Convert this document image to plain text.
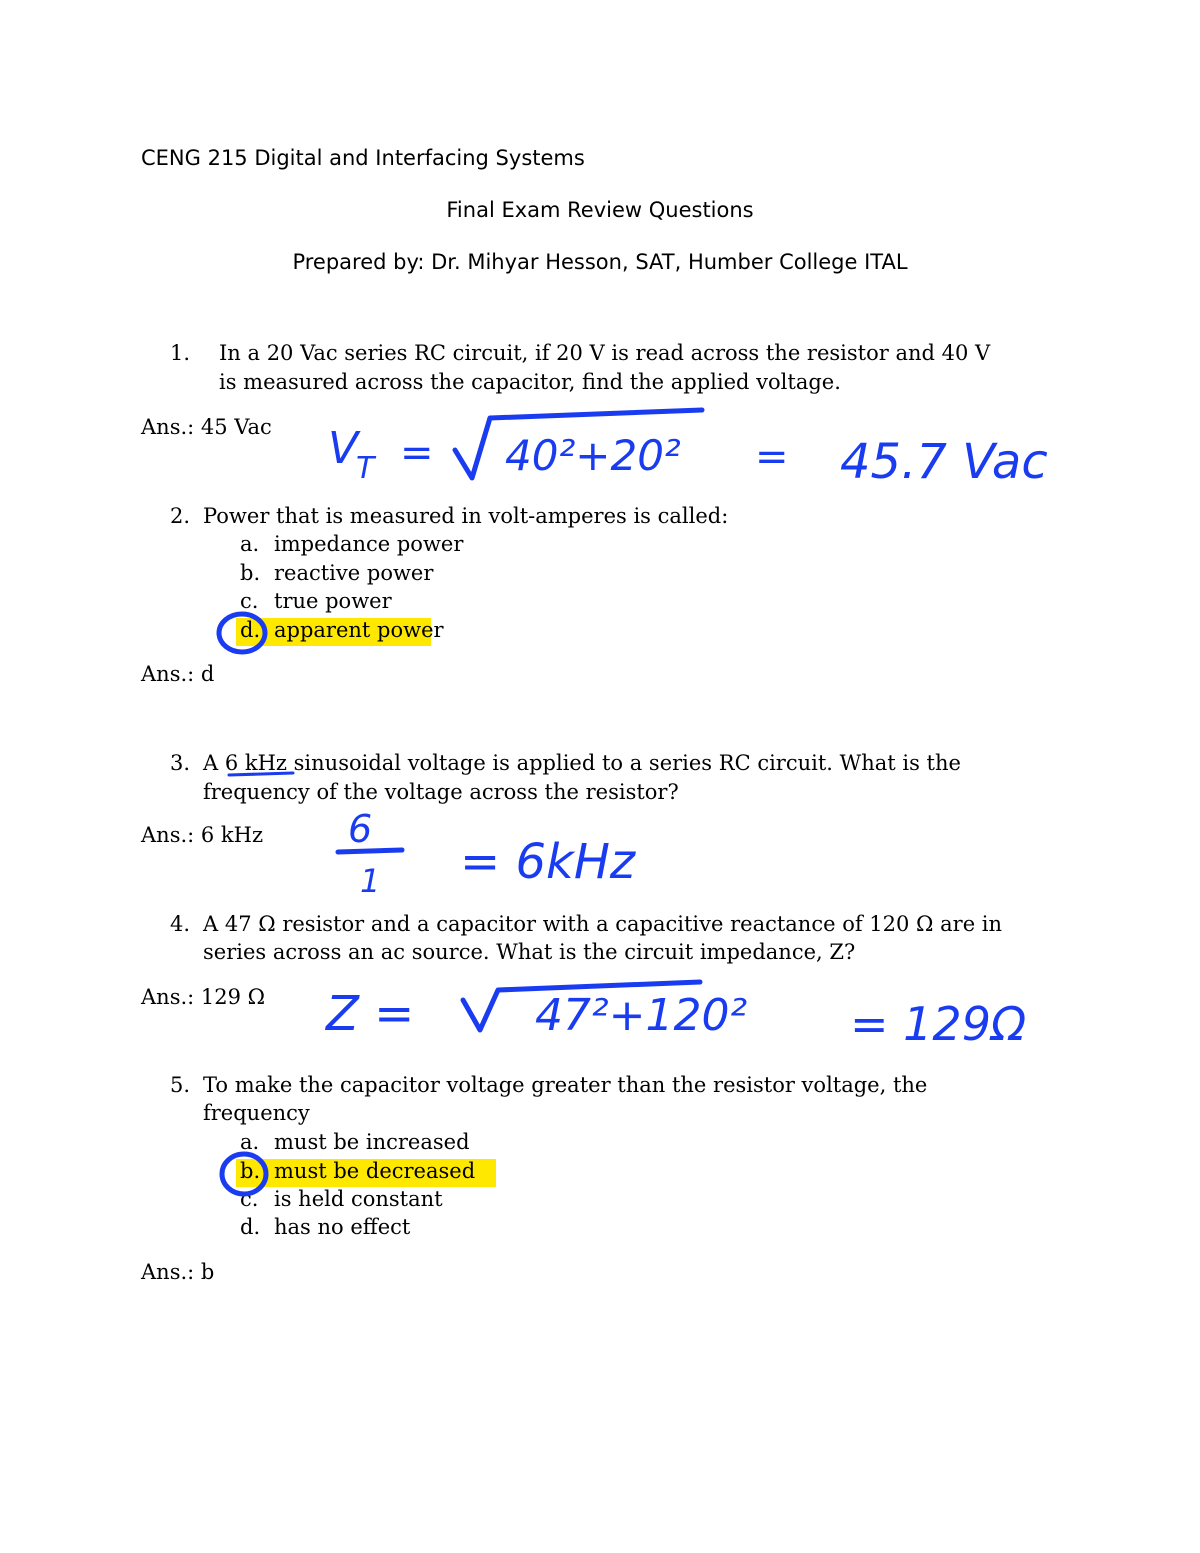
CENG 215 Digital and Interfacing Systems
Final Exam Review Questions
Prepared by: Dr. Mihyar Hesson, SAT, Humber College ITAL
1. In a 20 Vac series RC circuit, if 20 V is read across the resistor and 40 V
is measured across the capacitor, find the applied voltage.
Ans.: 45 Vac
2. Power that is measured in volt-amperes is called:
a. impedance power
b. reactive power
c. true power
d. apparent power
Ans.: d
3. A 6 kHz sinusoidal voltage is applied to a series RC circuit. What is the
frequency of the voltage across the resistor?
Ans.: 6 kHz
4. A 47 Ω resistor and a capacitor with a capacitive reactance of 120 Ω are in
series across an ac source. What is the circuit impedance, Z?
Ans.: 129 Ω
5. To make the capacitor voltage greater than the resistor voltage, the
frequency
a. must be increased
b. must be decreased
c. is held constant
d. has no effect
Ans.: b
V
T = 40²+20² = 45.7 Vac
6
1 = 6kHz
Z =	47²+120² = 129Ω
